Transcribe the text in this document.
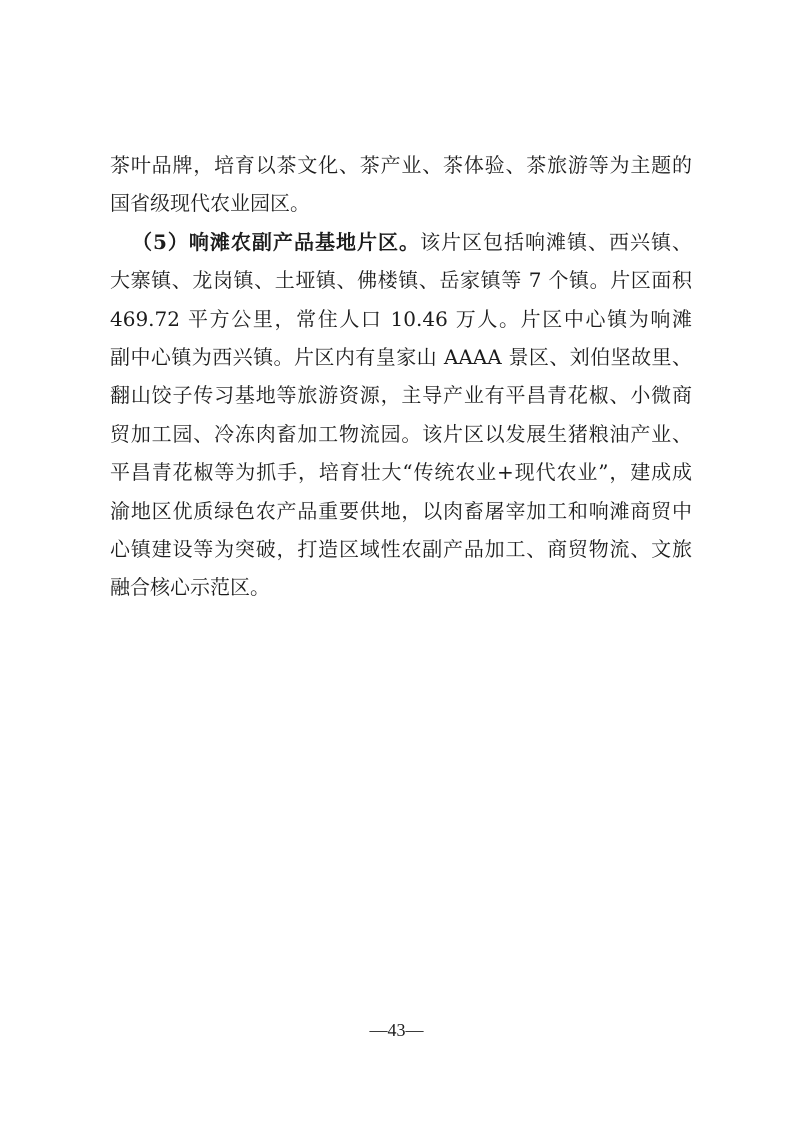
茶叶品牌，培育以茶文化、茶产业、茶体验、茶旅游等为主题的
国省级现代农业园区。
（5）响滩农副产品基地片区。该片区包括响滩镇、西兴镇、
大寨镇、龙岗镇、土垭镇、佛楼镇、岳家镇等 7 个镇。片区面积
469.72 平方公里，常住人口 10.46 万人。片区中心镇为响滩
副中心镇为西兴镇。片区内有皇家山 AAAA 景区、刘伯坚故里、
翻山饺子传习基地等旅游资源，主导产业有平昌青花椒、小微商
贸加工园、冷冻肉畜加工物流园。该片区以发展生猪粮油产业、
平昌青花椒等为抓手，培育壮大“传统农业+现代农业”，建成成
渝地区优质绿色农产品重要供地，以肉畜屠宰加工和响滩商贸中
心镇建设等为突破，打造区域性农副产品加工、商贸物流、文旅
融合核心示范区。
—43—
